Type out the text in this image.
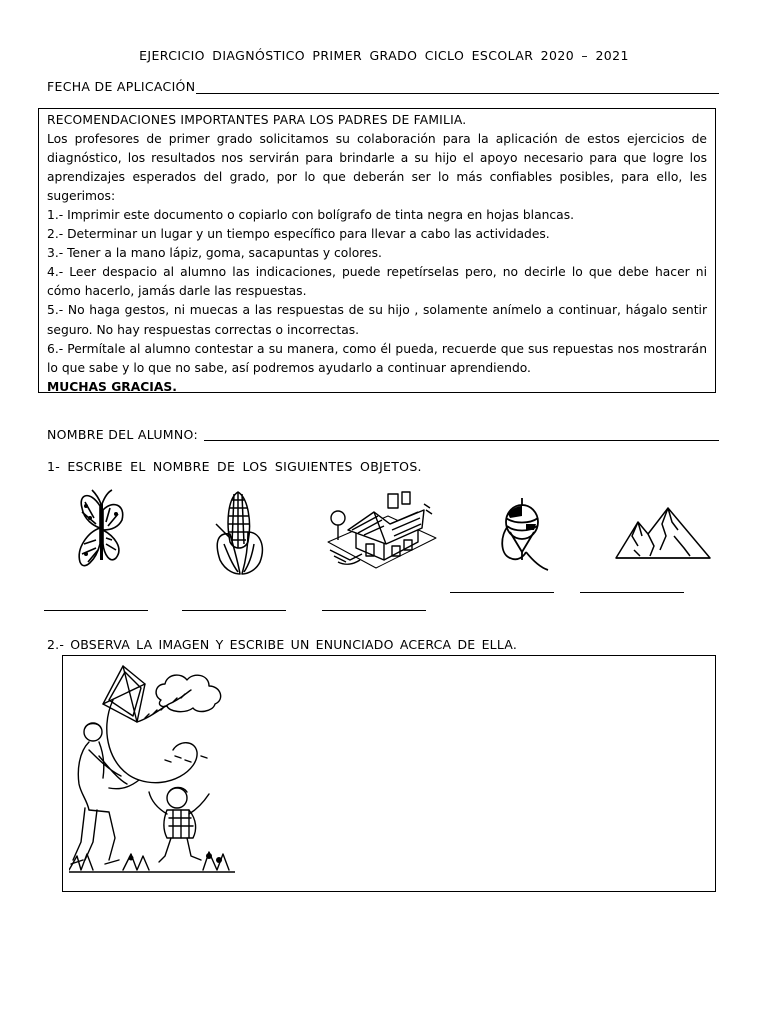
EJERCICIO DIAGNÓSTICO PRIMER GRADO CICLO ESCOLAR 2020 – 2021
FECHA DE APLICACIÓN

RECOMENDACIONES IMPORTANTES PARA LOS PADRES DE FAMILIA.

Los profesores de primer grado solicitamos su colaboración para la aplicación de estos ejercicios de diagnóstico, los resultados nos servirán para brindarle a su hijo el apoyo necesario para que logre los aprendizajes esperados del grado, por lo que deberán ser lo más confiables posibles, para ello, les sugerimos:

1.- Imprimir este documento o copiarlo con bolígrafo de tinta negra en hojas blancas.

2.- Determinar un lugar y un tiempo específico para llevar a cabo las actividades.

3.- Tener a la mano lápiz, goma, sacapuntas y colores.

4.- Leer despacio al alumno las indicaciones, puede repetírselas pero, no decirle lo que debe hacer ni cómo hacerlo, jamás darle las respuestas.

5.- No haga gestos, ni muecas a las respuestas de su hijo , solamente anímelo a continuar, hágalo sentir seguro. No hay respuestas correctas o incorrectas.

6.- Permítale al alumno contestar a su manera, como él pueda, recuerde que sus repuestas nos mostrarán lo que sabe y lo que no sabe, así podremos ayudarlo a continuar aprendiendo.

MUCHAS GRACIAS.

NOMBRE DEL ALUMNO:
1- ESCRIBE EL NOMBRE DE LOS SIGUIENTES OBJETOS.
2.- OBSERVA LA IMAGEN Y ESCRIBE UN ENUNCIADO ACERCA DE ELLA.
